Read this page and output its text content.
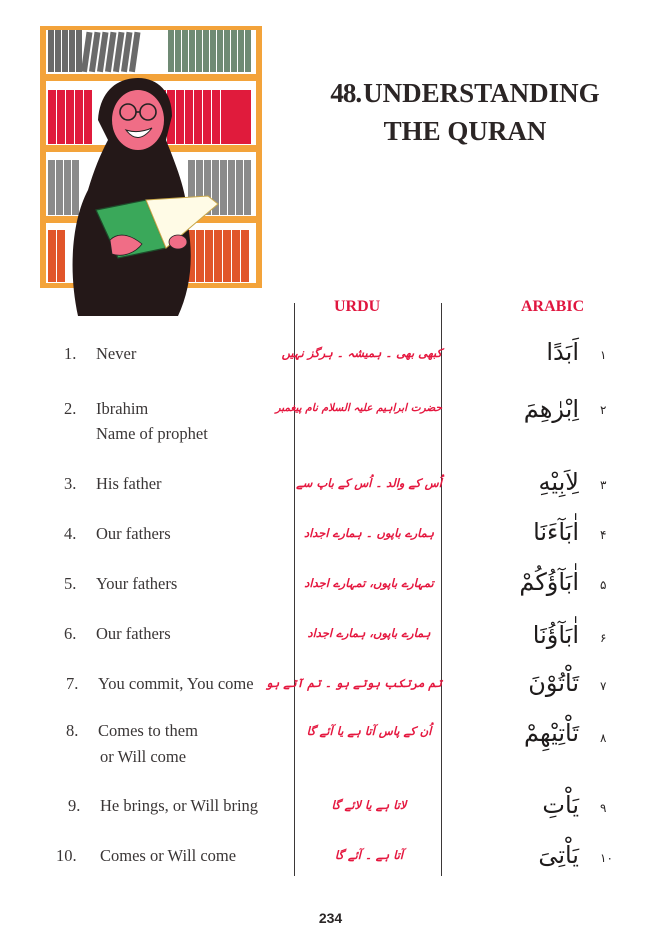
48.UNDERSTANDING
THE QURAN
URDU	ARABIC
1. Never	کبھی بھی ۔ ہمیشہ ۔ ہرگز نہیں	اَبَدًا ١
2. Ibrahim
Name of prophet
حضرت ابراہیم علیہ السلام نام پیغمبر	اِبْرٰهِمَ ٢
3. His father	اُس کے والد ۔ اُس کے باپ سے	لِاَبِيْهِ ٣
4. Our fathers	ہمارے باپوں ۔ ہمارے اجداد	اٰبَآءَنَا ۴
5. Your fathers	تمہارے باپوں، تمہارے اجداد	اٰبَآؤُكُمْ ۵
6. Our fathers	ہمارے باپوں، ہمارے اجداد	اٰبَآؤُنَا ۶
7. You commit, You come تم مرتکب ہوتے ہو ۔ تم آتے ہو	تَاْتُوْنَ ۷
8. Comes to them
or Will come
اُن کے پاس آتا ہے یا آئے گا	تَاْتِيْهِمْ ۸
9. He brings, or Will bring	لاتا ہے یا لائے گا	يَاْتِ ۹
10. Comes or Will come	آتا ہے ۔ آئے گا	يَاْتِىَ ١٠
234
